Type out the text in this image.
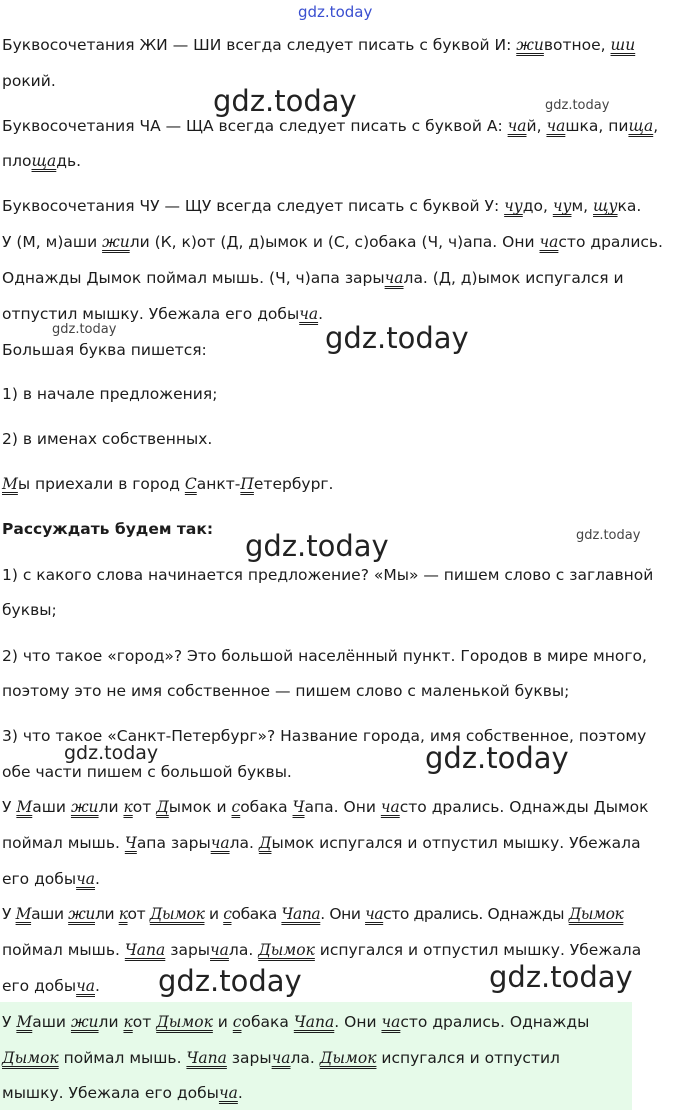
gdz.today
Буквосочетания ЖИ — ШИ всегда следует писать с буквой И: животное, ши
рокий.
Буквосочетания ЧА — ЩА всегда следует писать с буквой А: чай, чашка, пища,
площадь.
Буквосочетания ЧУ — ЩУ всегда следует писать с буквой У: чудо, чум, щука.
У (М, м)аши жили (К, к)от (Д, д)ымок и (С, с)обака (Ч, ч)апа. Они часто дрались.
Однажды Дымок поймал мышь. (Ч, ч)апа зарычала. (Д, д)ымок испугался и
отпустил мышку. Убежала его добыча.
Большая буква пишется:
1) в начале предложения;
2) в именах собственных.
Мы приехали в город Санкт-Петербург.
Рассуждать будем так:
1) с какого слова начинается предложение? «Мы» — пишем слово с заглавной
буквы;
2) что такое «город»? Это большой населённый пункт. Городов в мире много,
поэтому это не имя собственное — пишем слово с маленькой буквы;
3) что такое «Санкт-Петербург»? Название города, имя собственное, поэтому
обе части пишем с большой буквы.
У Маши жили кот Дымок и собака Чапа. Они часто дрались. Однажды Дымок
поймал мышь. Чапа зарычала. Дымок испугался и отпустил мышку. Убежала
его добыча.
У Маши жили кот Дымок и собака Чапа. Они часто дрались. Однажды Дымок
поймал мышь. Чапа зарычала. Дымок испугался и отпустил мышку. Убежала
его добыча.
У Маши жили кот Дымок и собака Чапа. Они часто дрались. Однажды
Дымок поймал мышь. Чапа зарычала. Дымок испугался и отпустил
мышку. Убежала его добыча.
gdz.today	gdz.today
gdz.today	gdz.today
gdz.today
gdz.today
gdz.today	gdz.today
gdz.today	gdz.today
